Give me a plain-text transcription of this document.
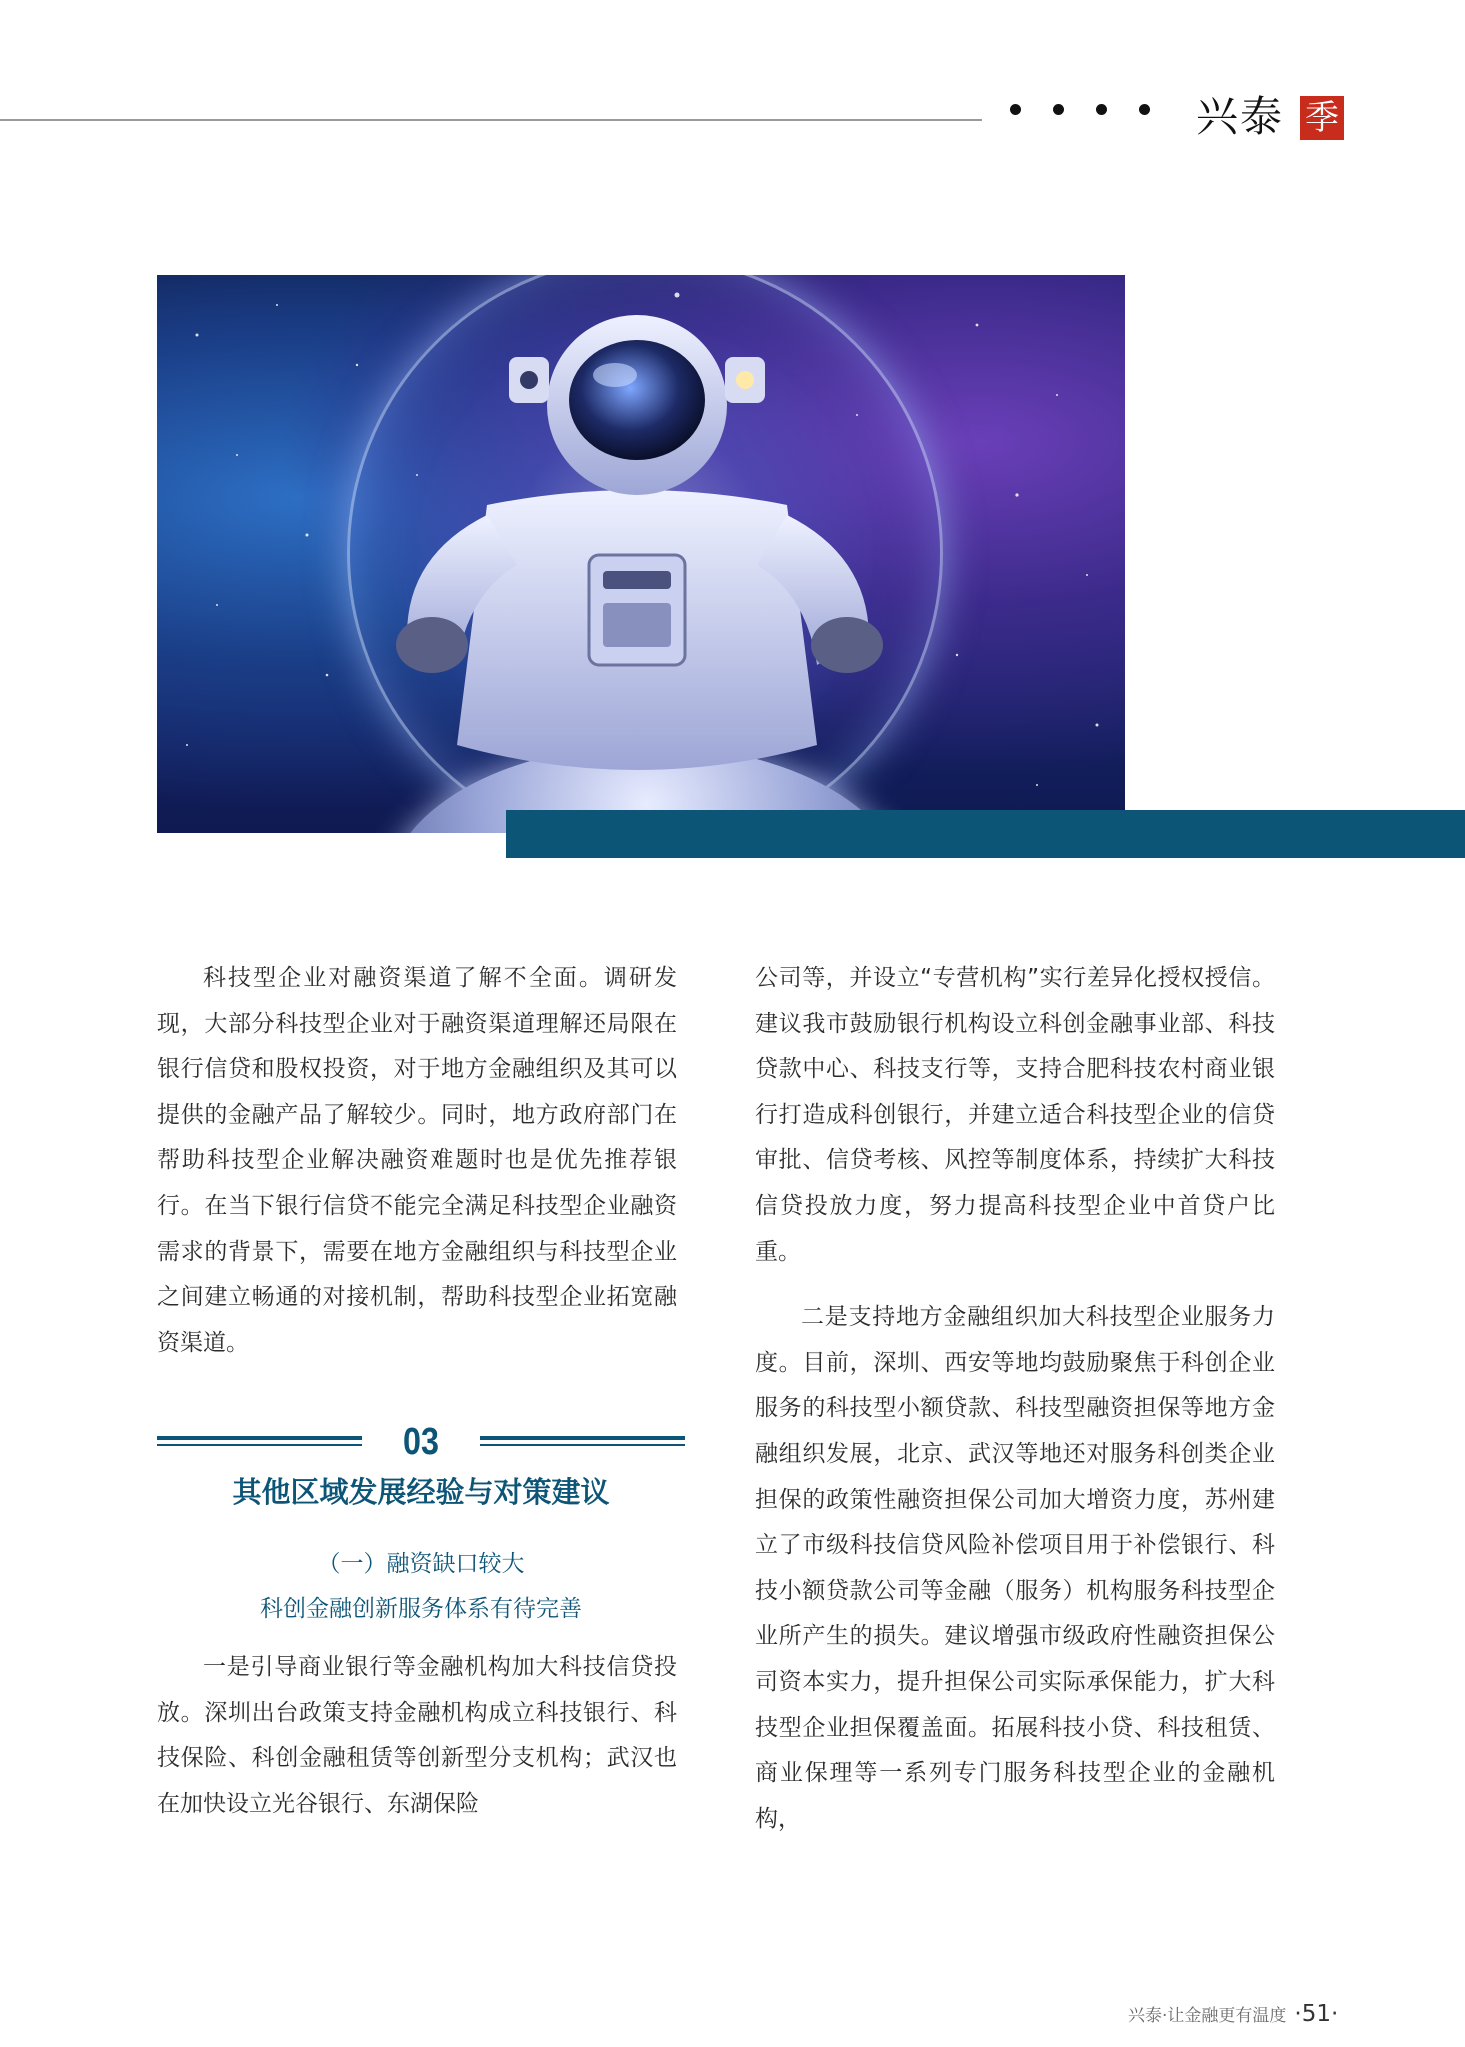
兴泰 季

科技型企业对融资渠道了解不全面。调研发现，大部分科技型企业对于融资渠道理解还局限在银行信贷和股权投资，对于地方金融组织及其可以提供的金融产品了解较少。同时，地方政府部门在帮助科技型企业解决融资难题时也是优先推荐银行。在当下银行信贷不能完全满足科技型企业融资需求的背景下，需要在地方金融组织与科技型企业之间建立畅通的对接机制，帮助科技型企业拓宽融资渠道。

03
其他区域发展经验与对策建议
（一）融资缺口较大
科创金融创新服务体系有待完善

一是引导商业银行等金融机构加大科技信贷投放。深圳出台政策支持金融机构成立科技银行、科技保险、科创金融租赁等创新型分支机构；武汉也在加快设立光谷银行、东湖保险

公司等，并设立“专营机构”实行差异化授权授信。建议我市鼓励银行机构设立科创金融事业部、科技贷款中心、科技支行等，支持合肥科技农村商业银行打造成科创银行，并建立适合科技型企业的信贷审批、信贷考核、风控等制度体系，持续扩大科技信贷投放力度，努力提高科技型企业中首贷户比重。

二是支持地方金融组织加大科技型企业服务力度。目前，深圳、西安等地均鼓励聚焦于科创企业服务的科技型小额贷款、科技型融资担保等地方金融组织发展，北京、武汉等地还对服务科创类企业担保的政策性融资担保公司加大增资力度，苏州建立了市级科技信贷风险补偿项目用于补偿银行、科技小额贷款公司等金融（服务）机构服务科技型企业所产生的损失。建议增强市级政府性融资担保公司资本实力，提升担保公司实际承保能力，扩大科技型企业担保覆盖面。拓展科技小贷、科技租赁、商业保理等一系列专门服务科技型企业的金融机构，

兴泰·让金融更有温度 ·51·
